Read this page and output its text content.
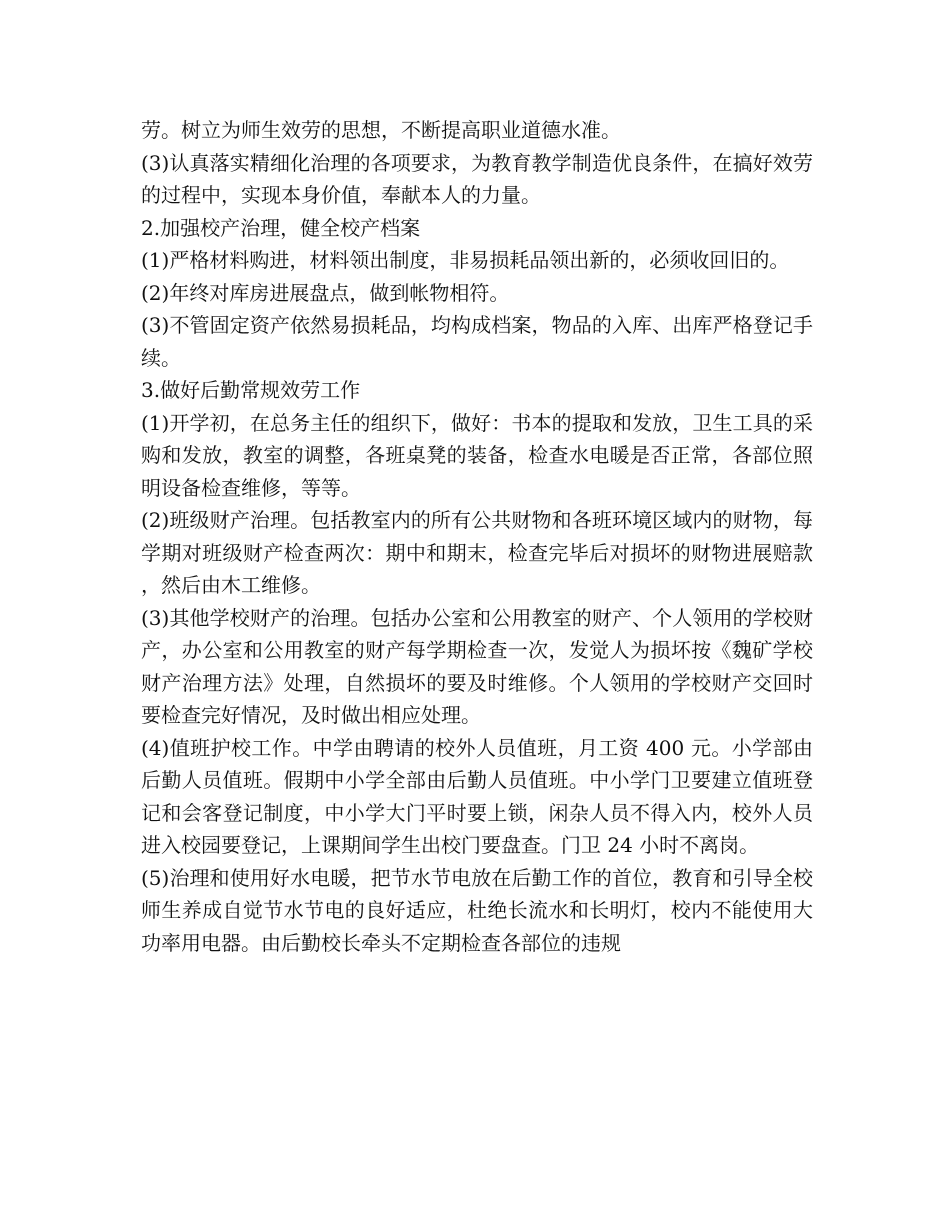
劳。树立为师生效劳的思想，不断提高职业道德水准。

(3)认真落实精细化治理的各项要求，为教育教学制造优良条件，在搞好效劳的过程中，实现本身价值，奉献本人的力量。

2.加强校产治理，健全校产档案

(1)严格材料购进，材料领出制度，非易损耗品领出新的，必须收回旧的。

(2)年终对库房进展盘点，做到帐物相符。

(3)不管固定资产依然易损耗品，均构成档案，物品的入库、出库严格登记手续。

3.做好后勤常规效劳工作

(1)开学初，在总务主任的组织下，做好：书本的提取和发放，卫生工具的采购和发放，教室的调整，各班桌凳的装备，检查水电暖是否正常，各部位照明设备检查维修，等等。

(2)班级财产治理。包括教室内的所有公共财物和各班环境区域内的财物，每学期对班级财产检查两次：期中和期末，检查完毕后对损坏的财物进展赔款，然后由木工维修。

(3)其他学校财产的治理。包括办公室和公用教室的财产、个人领用的学校财产，办公室和公用教室的财产每学期检查一次，发觉人为损坏按《魏矿学校财产治理方法》处理，自然损坏的要及时维修。个人领用的学校财产交回时要检查完好情况，及时做出相应处理。

(4)值班护校工作。中学由聘请的校外人员值班，月工资 400 元。小学部由后勤人员值班。假期中小学全部由后勤人员值班。中小学门卫要建立值班登记和会客登记制度，中小学大门平时要上锁，闲杂人员不得入内，校外人员进入校园要登记，上课期间学生出校门要盘查。门卫 24 小时不离岗。

(5)治理和使用好水电暖，把节水节电放在后勤工作的首位，教育和引导全校师生养成自觉节水节电的良好适应，杜绝长流水和长明灯，校内不能使用大功率用电器。由后勤校长牵头不定期检查各部位的违规
